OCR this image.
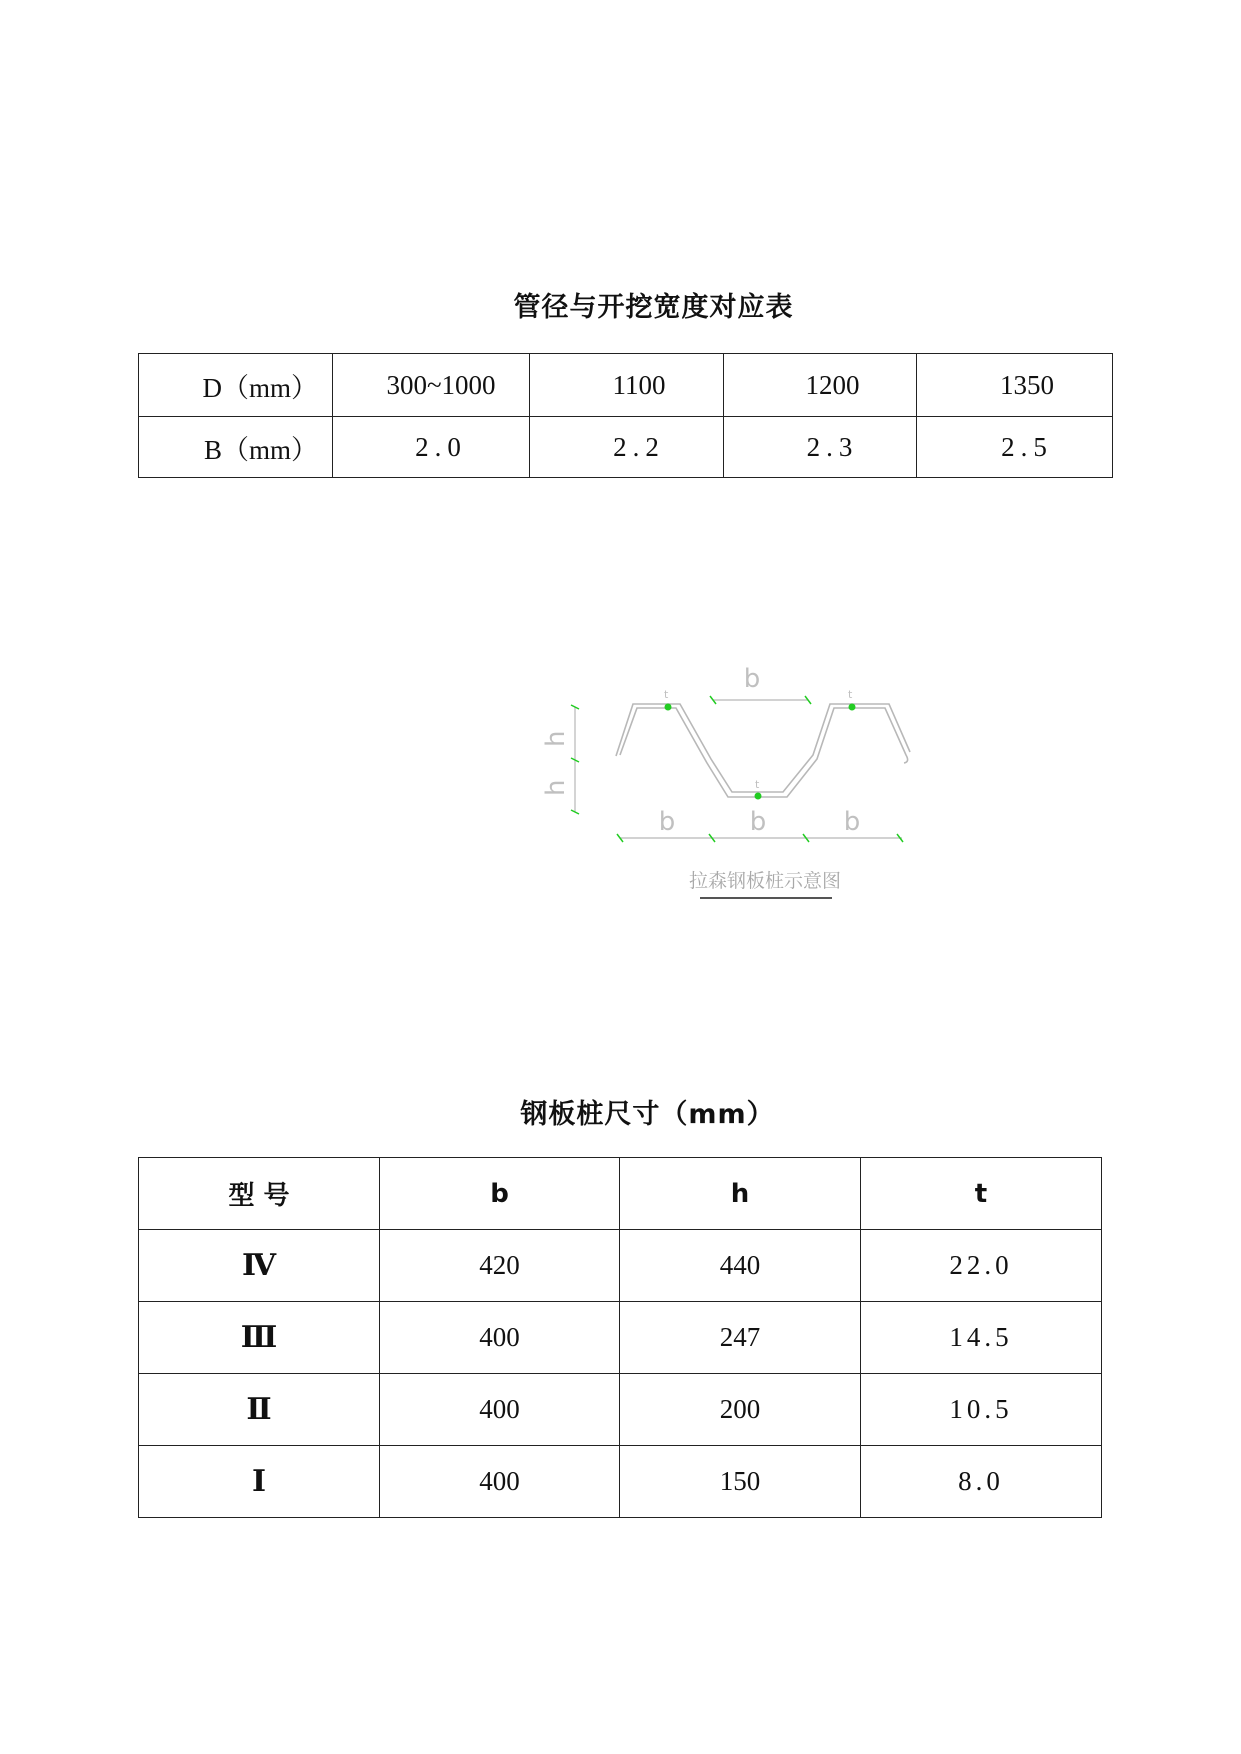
管径与开挖宽度对应表
D（mm）	300~1000	1100	1200	1350
B（mm）	2.0	2.2	2.3	2.5
b
b	b	b
h
h
t
t
t
拉森钢板桩示意图
钢板桩尺寸（mm）
型 号	b	h	t
Ⅳ	420	440	22.0
Ⅲ	400	247	14.5
Ⅱ	400	200	10.5
Ⅰ	400	150	8.0
